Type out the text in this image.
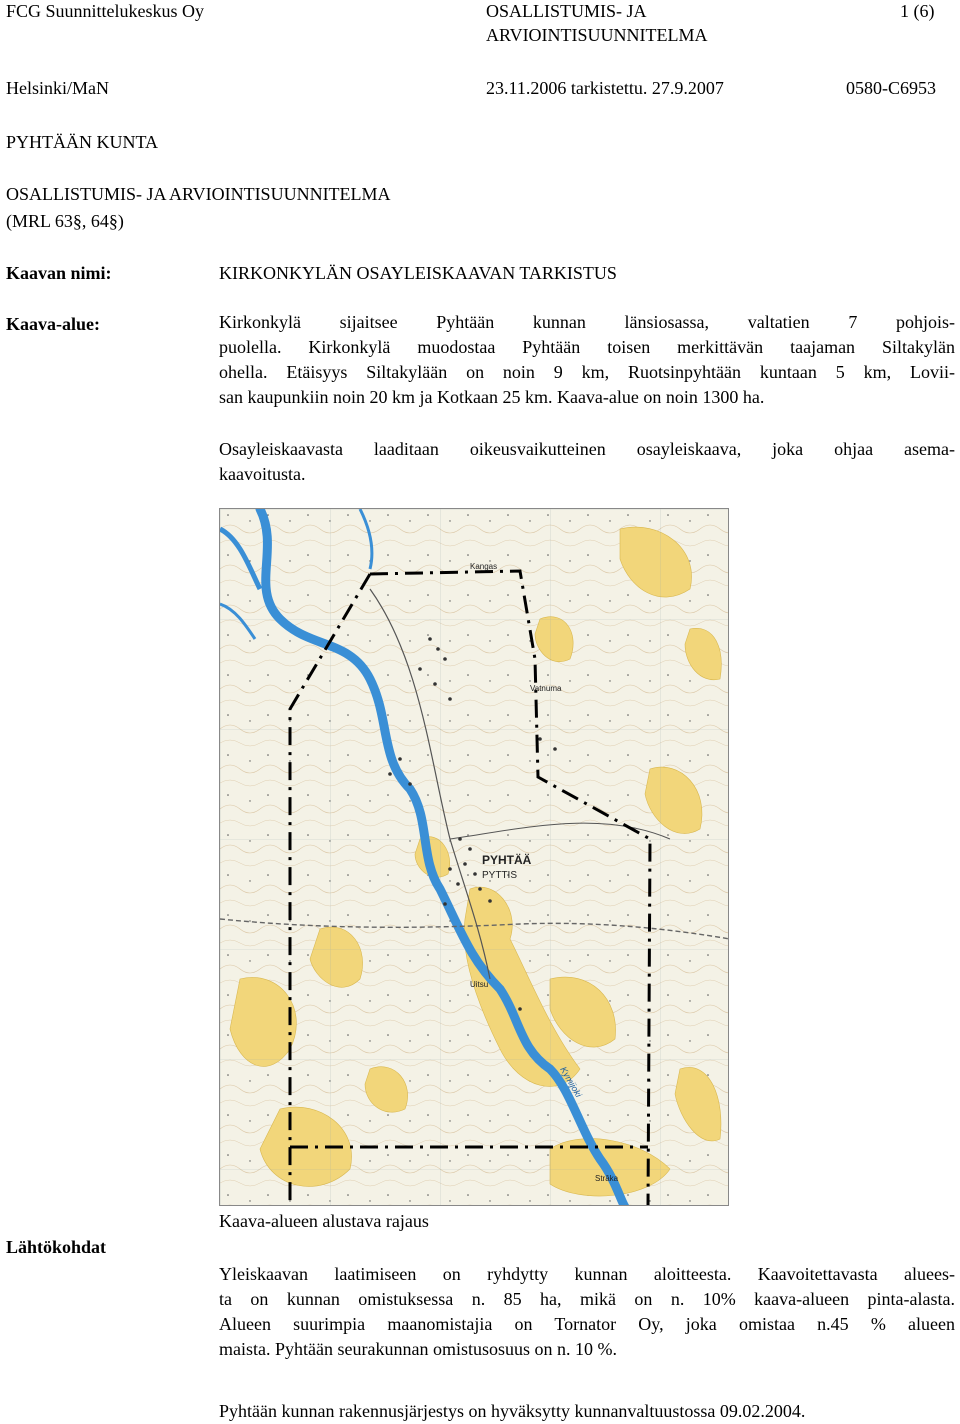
FCG Suunnittelukeskus Oy	OSALLISTUMIS- JA
ARVIOINTISUUNNITELMA
1 (6)
Helsinki/MaN	23.11.2006 tarkistettu. 27.9.2007	0580-C6953
PYHTÄÄN KUNTA
OSALLISTUMIS- JA ARVIOINTISUUNNITELMA
(MRL 63§, 64§)
Kaavan nimi:	KIRKONKYLÄN OSAYLEISKAAVAN TARKISTUS
Kaava-alue:	Kirkonkylä sijaitsee Pyhtään kunnan länsiosassa, valtatien 7 pohjois-
puolella. Kirkonkylä muodostaa Pyhtään toisen merkittävän taajaman Siltakylän
ohella. Etäisyys Siltakylään on noin 9 km, Ruotsinpyhtään kuntaan 5 km, Lovii-
san kaupunkiin noin 20 km ja Kotkaan 25 km. Kaava-alue on noin 1300 ha.
Osayleiskaavasta laaditaan oikeusvaikutteinen osayleiskaava, joka ohjaa asema-
kaavoitusta.
PYHTÄÄ
PYTTIS
Kymijoki
Kangas
Vatnuma
Uitsu
Strâka
Kaava-alueen alustava rajaus
Lähtökohdat
Yleiskaavan laatimiseen on ryhdytty kunnan aloitteesta. Kaavoitettavasta aluees-
ta on kunnan omistuksessa n. 85 ha, mikä on n. 10% kaava-alueen pinta-alasta.
Alueen suurimpia maanomistajia on Tornator Oy, joka omistaa n.45 % alueen
maista. Pyhtään seurakunnan omistusosuus on n. 10 %.
Pyhtään kunnan rakennusjärjestys on hyväksytty kunnanvaltuustossa 09.02.2004.
